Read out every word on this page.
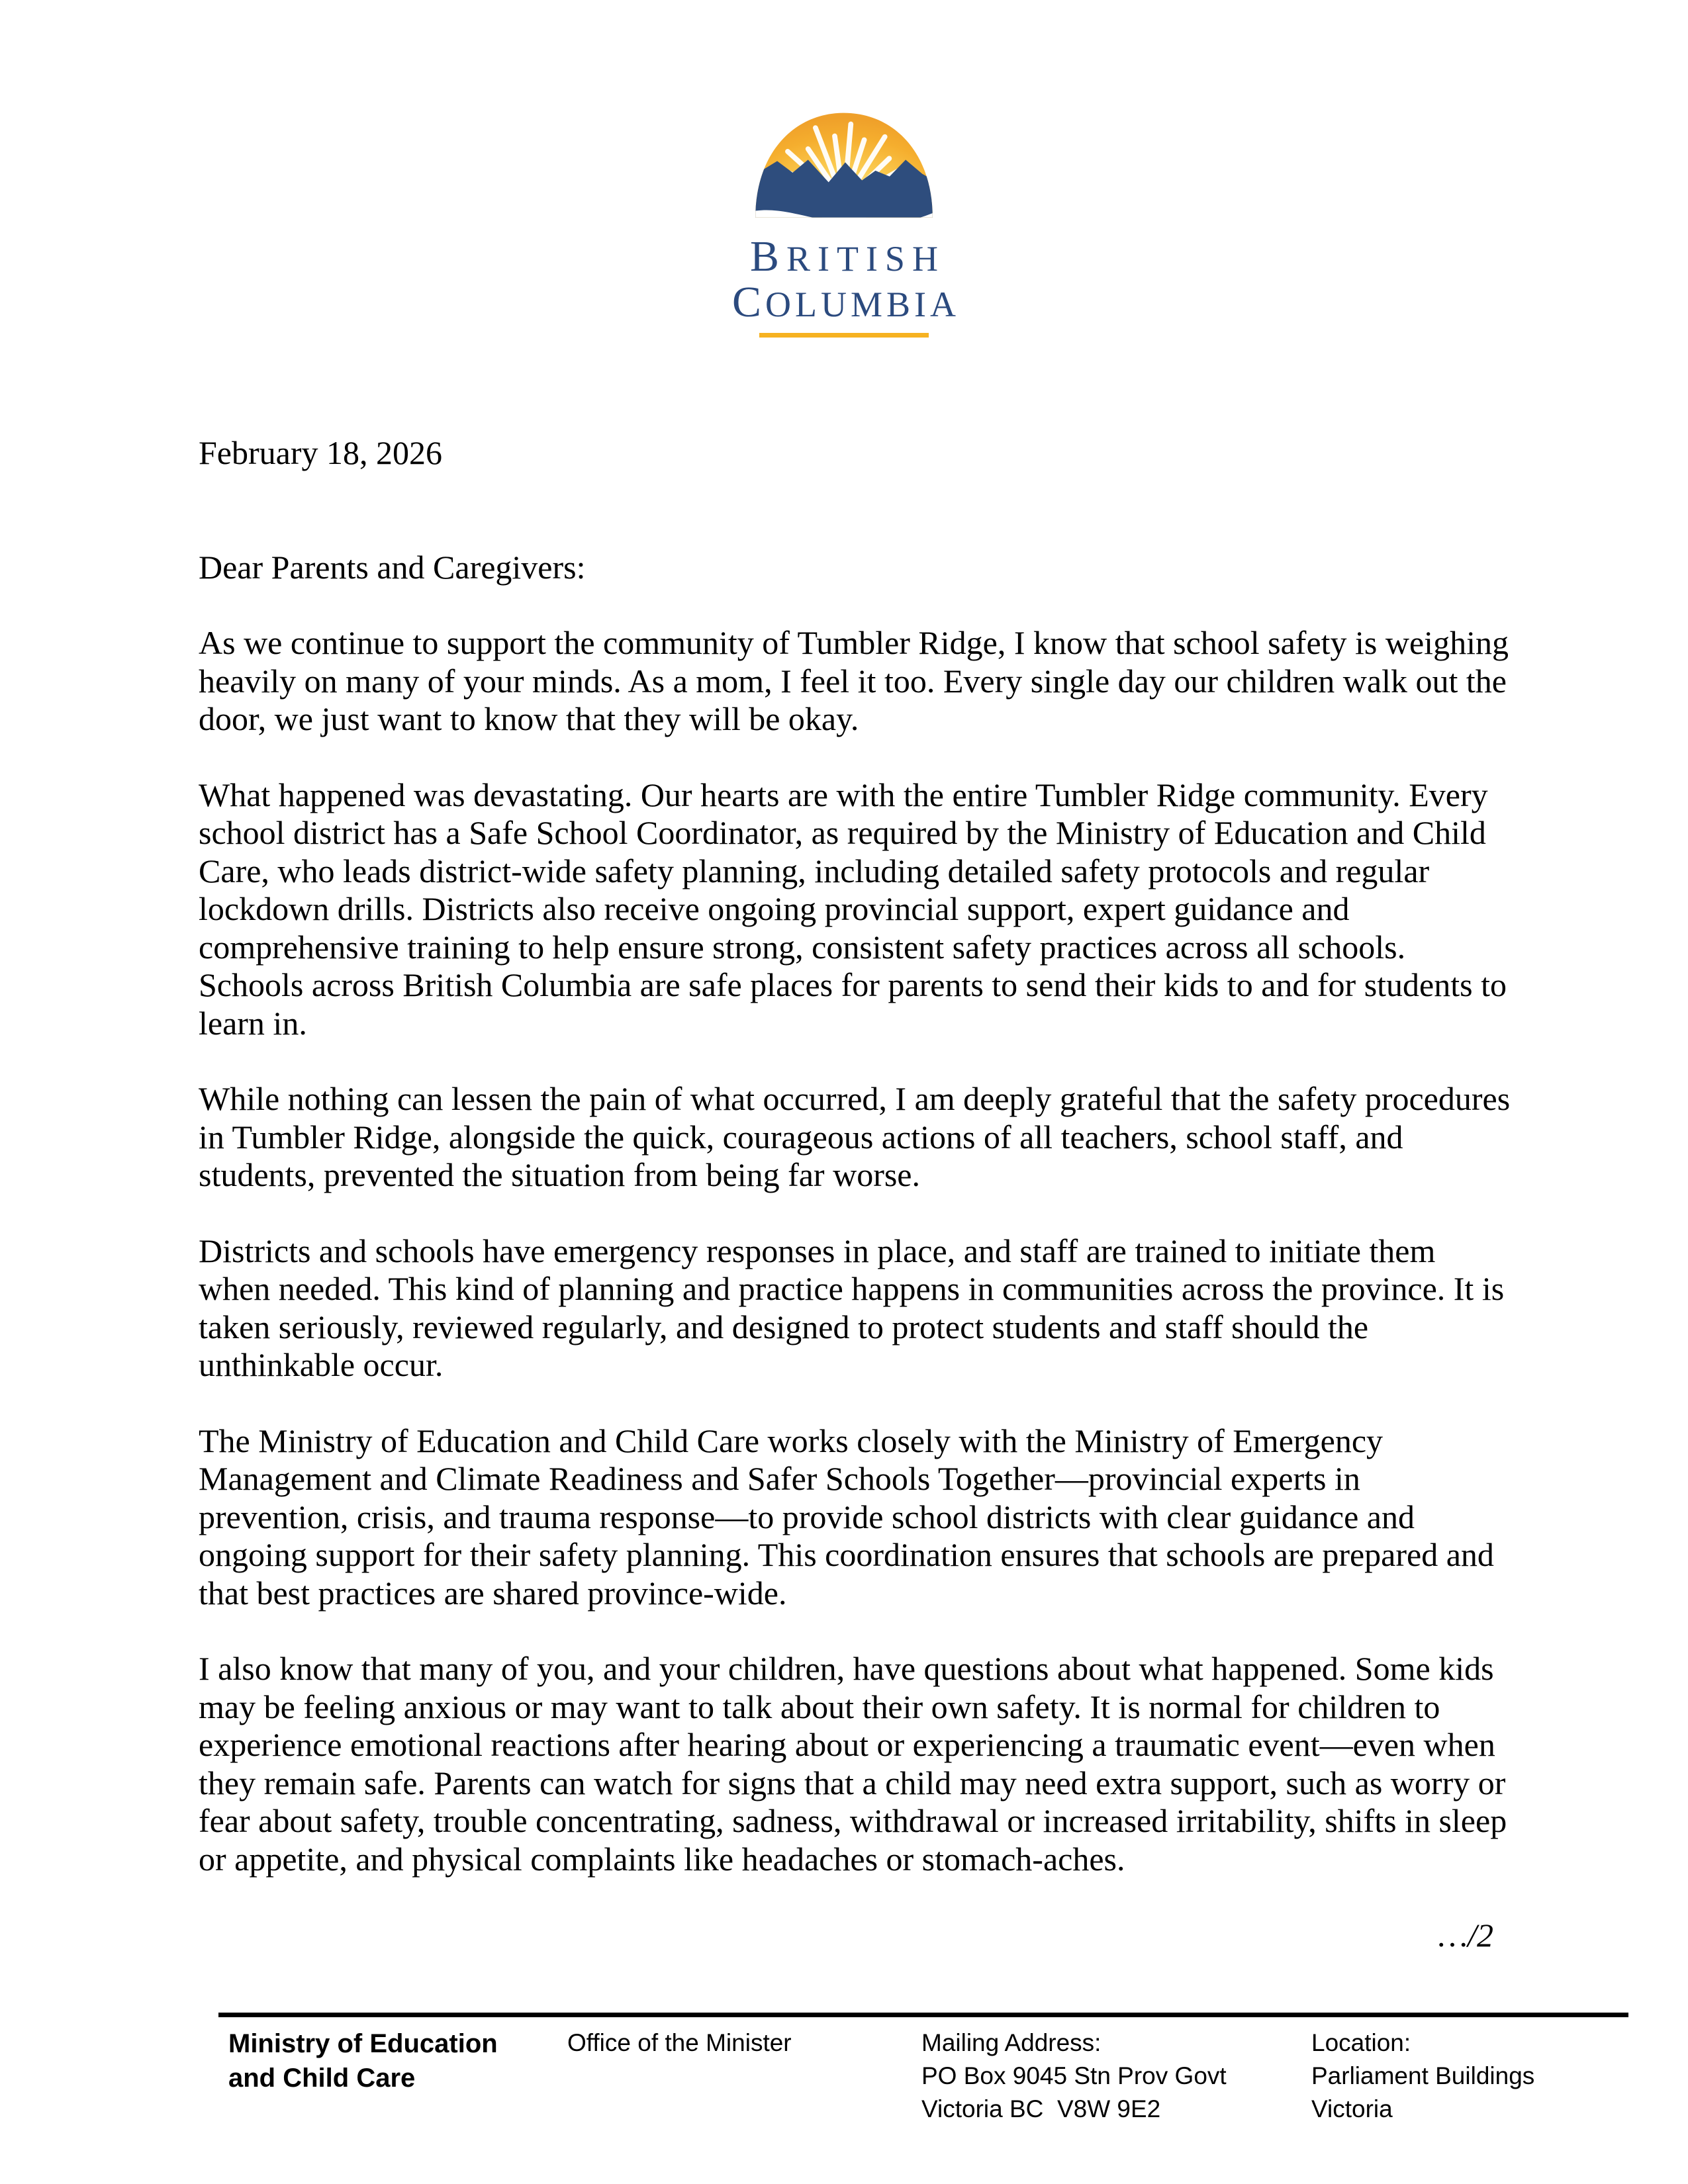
BRITISH
COLUMBIA
February 18, 2026
Dear Parents and Caregivers:

As we continue to support the community of Tumbler Ridge, I know that school safety is weighing heavily on many of your minds. As a mom, I feel it too. Every single day our children walk out the door, we just want to know that they will be okay.

What happened was devastating. Our hearts are with the entire Tumbler Ridge community. Every school district has a Safe School Coordinator, as required by the Ministry of Education and Child Care, who leads district-wide safety planning, including detailed safety protocols and regular lockdown drills. Districts also receive ongoing provincial support, expert guidance and comprehensive training to help ensure strong, consistent safety practices across all schools. Schools across British Columbia are safe places for parents to send their kids to and for students to learn in.

While nothing can lessen the pain of what occurred, I am deeply grateful that the safety procedures in Tumbler Ridge, alongside the quick, courageous actions of all teachers, school staff, and students, prevented the situation from being far worse.

Districts and schools have emergency responses in place, and staff are trained to initiate them when needed. This kind of planning and practice happens in communities across the province. It is taken seriously, reviewed regularly, and designed to protect students and staff should the unthinkable occur.

The Ministry of Education and Child Care works closely with the Ministry of Emergency Management and Climate Readiness and Safer Schools Together—provincial experts in prevention, crisis, and trauma response—to provide school districts with clear guidance and ongoing support for their safety planning. This coordination ensures that schools are prepared and that best practices are shared province-wide.

I also know that many of you, and your children, have questions about what happened. Some kids may be feeling anxious or may want to talk about their own safety. It is normal for children to experience emotional reactions after hearing about or experiencing a traumatic event—even when they remain safe. Parents can watch for signs that a child may need extra support, such as worry or fear about safety, trouble concentrating, sadness, withdrawal or increased irritability, shifts in sleep or appetite, and physical complaints like headaches or stomach-aches.

…/2
Ministry of Education
and Child Care
Office of the Minister	Mailing Address:
PO Box 9045 Stn Prov Govt
Victoria BC  V8W 9E2
Location:
Parliament Buildings
Victoria
